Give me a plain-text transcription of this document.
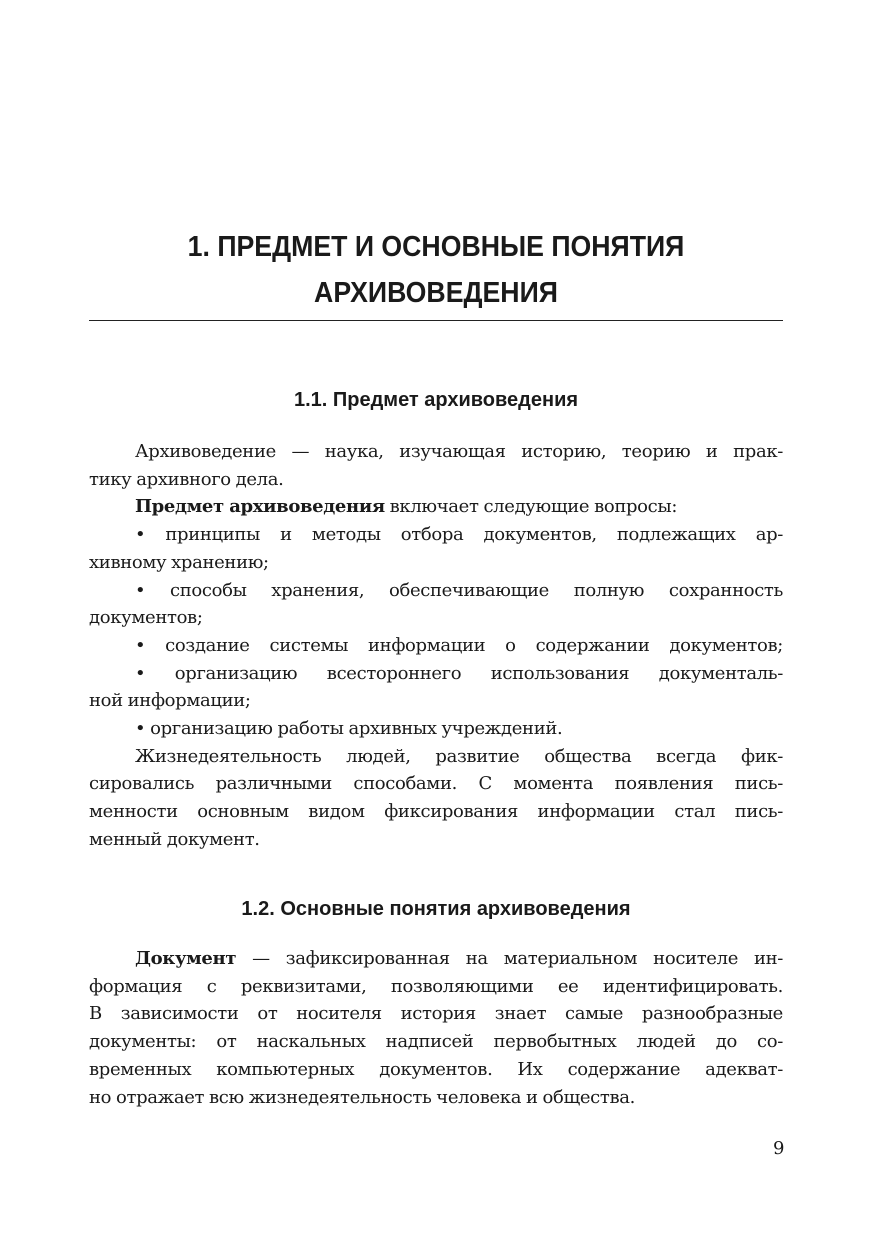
1. ПРЕДМЕТ И ОСНОВНЫЕ ПОНЯТИЯ
АРХИВОВЕДЕНИЯ
1.1. Предмет архивоведения
Архивоведение — наука, изучающая историю, теорию и прак-
тику архивного дела.
Предмет архивоведения включает следующие вопросы:
• принципы и методы отбора документов, подлежащих ар-
хивному хранению;
• способы хранения, обеспечивающие полную сохранность
документов;
• создание системы информации о содержании документов;
• организацию всестороннего использования документаль-
ной информации;
• организацию работы архивных учреждений.
Жизнедеятельность людей, развитие общества всегда фик-
сировались различными способами. С момента появления пись-
менности основным видом фиксирования информации стал пись-
менный документ.
1.2. Основные понятия архивоведения
Документ — зафиксированная на материальном носителе ин-
формация с реквизитами, позволяющими ее идентифицировать.
В зависимости от носителя история знает самые разнообразные
документы: от наскальных надписей первобытных людей до со-
временных компьютерных документов. Их содержание адекват-
но отражает всю жизнедеятельность человека и общества.
9
